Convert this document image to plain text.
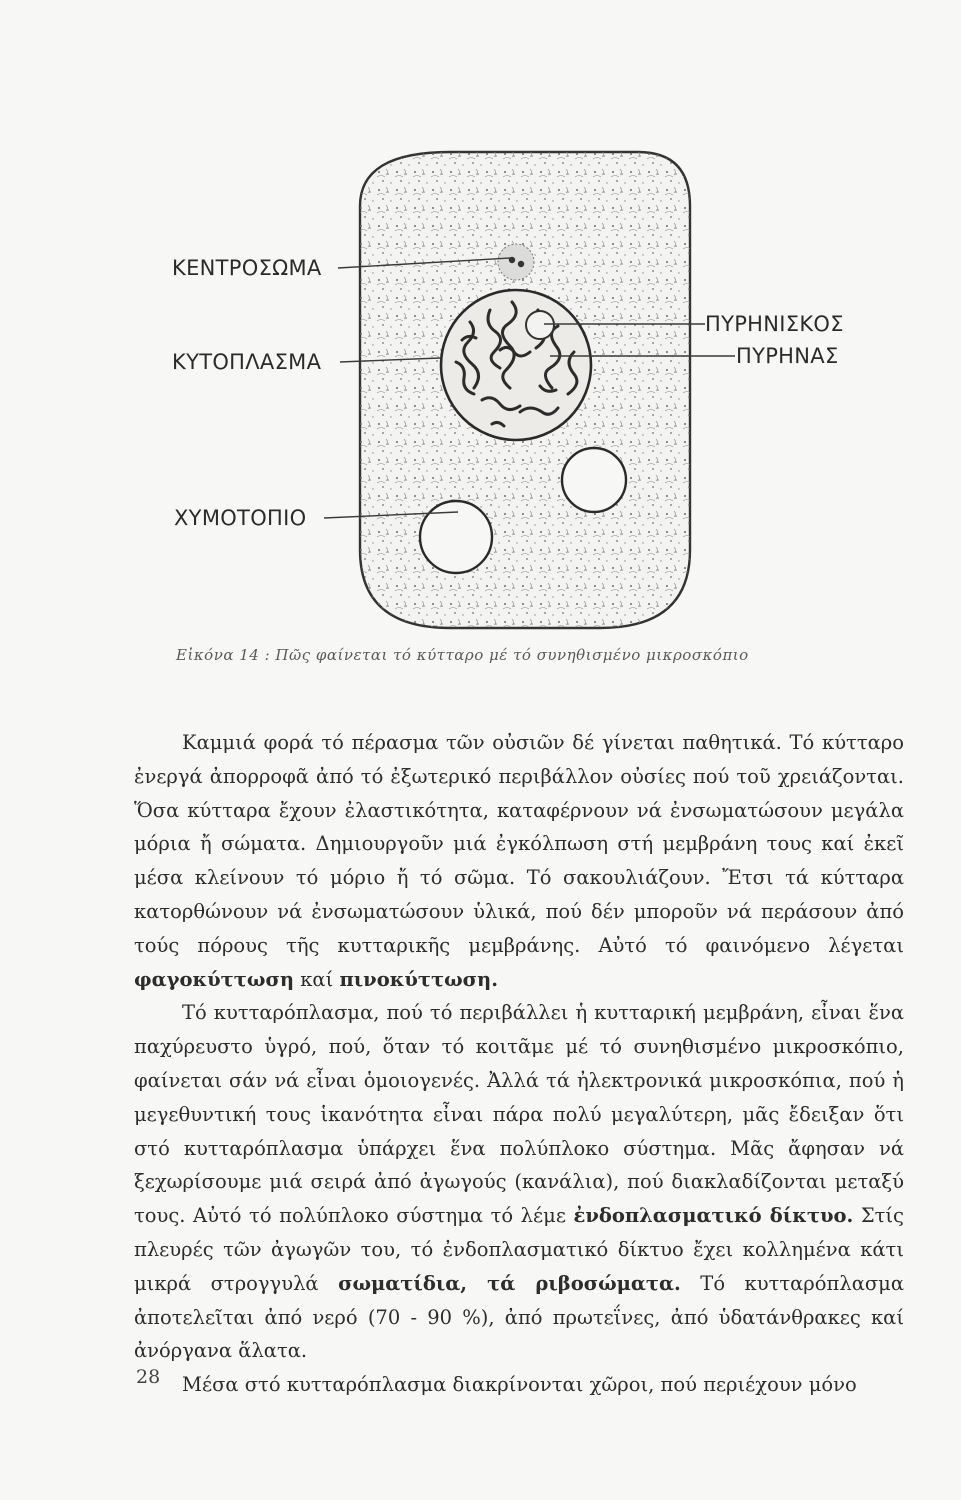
ΚΕΝΤΡΟΣΩΜΑ
ΚΥΤΟΠΛΑΣΜΑ
ΧΥΜΟΤΟΠΙΟ
ΠΥΡΗΝΙΣΚΟΣ
ΠΥΡΗΝΑΣ
Εἰκόνα 14 : Πῶς φαίνεται τό κύτταρο μέ τό συνηθισμένο μικροσκόπιο

Καμμιά φορά τό πέρασμα τῶν οὐσιῶν δέ γίνεται παθητικά. Τό κύτταρο ἐνεργά ἀπορροφᾶ ἀπό τό ἐξωτερικό περιβάλλον οὐσίες πού τοῦ χρειάζονται. Ὅσα κύτταρα ἔχουν ἐλαστικότητα, καταφέρνουν νά ἐνσωματώσουν μεγάλα μόρια ἤ σώματα. Δημιουργοῦν μιά ἐγκόλπωση στή μεμβράνη τους καί ἐκεῖ μέσα κλείνουν τό μόριο ἤ τό σῶμα. Τό σακουλιάζουν. Ἔτσι τά κύτταρα κατορθώνουν νά ἐνσωματώσουν ὑλικά, πού δέν μποροῦν νά περάσουν ἀπό τούς πόρους τῆς κυτταρικῆς μεμβράνης. Αὐτό τό φαινόμενο λέγεται φαγοκύττωση καί πινοκύττωση.

Τό κυτταρόπλασμα, πού τό περιβάλλει ἡ κυτταρική μεμβράνη, εἶναι ἕνα παχύρευστο ὑγρό, πού, ὅταν τό κοιτᾶμε μέ τό συνηθισμένο μικροσκόπιο, φαίνεται σάν νά εἶναι ὁμοιογενές. Ἀλλά τά ἠλεκτρονικά μικροσκόπια, πού ἡ μεγεθυντική τους ἱκανότητα εἶναι πάρα πολύ μεγαλύτερη, μᾶς ἔδειξαν ὅτι στό κυτταρόπλασμα ὑπάρχει ἕνα πολύπλοκο σύστημα. Μᾶς ἄφησαν νά ξεχωρίσουμε μιά σειρά ἀπό ἀγωγούς (κανάλια), πού διακλαδίζονται μεταξύ τους. Αὐτό τό πολύπλοκο σύστημα τό λέμε ἐνδοπλασματικό δίκτυο. Στίς πλευρές τῶν ἀγωγῶν του, τό ἐνδοπλασματικό δίκτυο ἔχει κολλημένα κάτι μικρά στρογγυλά σωματίδια, τά ριβοσώματα. Τό κυτταρόπλασμα ἀποτελεῖται ἀπό νερό (70 - 90 %), ἀπό πρωτεΐνες, ἀπό ὑδατάνθρακες καί ἀνόργανα ἅλατα.

Μέσα στό κυτταρόπλασμα διακρίνονται χῶροι, πού περιέχουν μόνο

28
